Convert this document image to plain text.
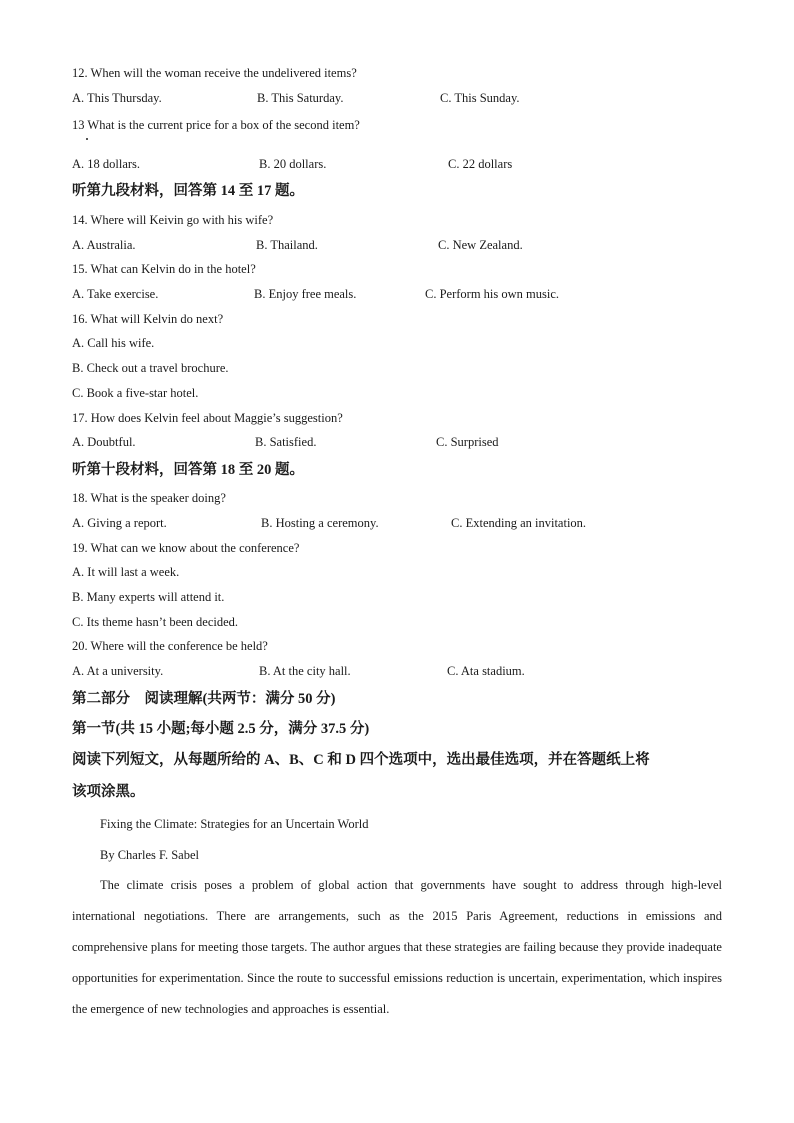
12. When will the woman receive the undelivered items?
A. This Thursday.	B. This Saturday.	C. This Sunday.
13 What is the current price for a box of the second item?
A. 18 dollars.	B. 20 dollars.	C. 22 dollars
听第九段材料，回答第 14 至 17 题。
14. Where will Keivin go with his wife?
A. Australia.	B. Thailand.	C. New Zealand.
15. What can Kelvin do in the hotel?
A. Take exercise.	B. Enjoy free meals.	C. Perform his own music.
16. What will Kelvin do next?
A. Call his wife.
B. Check out a travel brochure.
C. Book a five-star hotel.
17. How does Kelvin feel about Maggie’s suggestion?
A. Doubtful.	B. Satisfied.	C. Surprised
听第十段材料，回答第 18 至 20 题。
18. What is the speaker doing?
A. Giving a report.	B. Hosting a ceremony.	C. Extending an invitation.
19. What can we know about the conference?
A. It will last a week.
B. Many experts will attend it.
C. Its theme hasn’t been decided.
20. Where will the conference be held?
A. At a university.	B. At the city hall.	C. Ata stadium.
第二部分　阅读理解(共两节：满分 50 分)
第一节(共 15 小题;每小题 2.5 分，满分 37.5 分)
阅读下列短文，从每题所给的 A、B、C 和 D 四个选项中，选出最佳选项，并在答题纸上将
该项涂黑。
Fixing the Climate: Strategies for an Uncertain World
By Charles F. Sabel
The climate crisis poses a problem of global action that governments have sought to address through high-level international negotiations. There are arrangements, such as the 2015 Paris Agreement, reductions in emissions and comprehensive plans for meeting those targets. The author argues that these strategies are failing because they provide inadequate opportunities for experimentation. Since the route to successful emissions reduction is uncertain, experimentation, which inspires the emergence of new technologies and approaches is essential.
